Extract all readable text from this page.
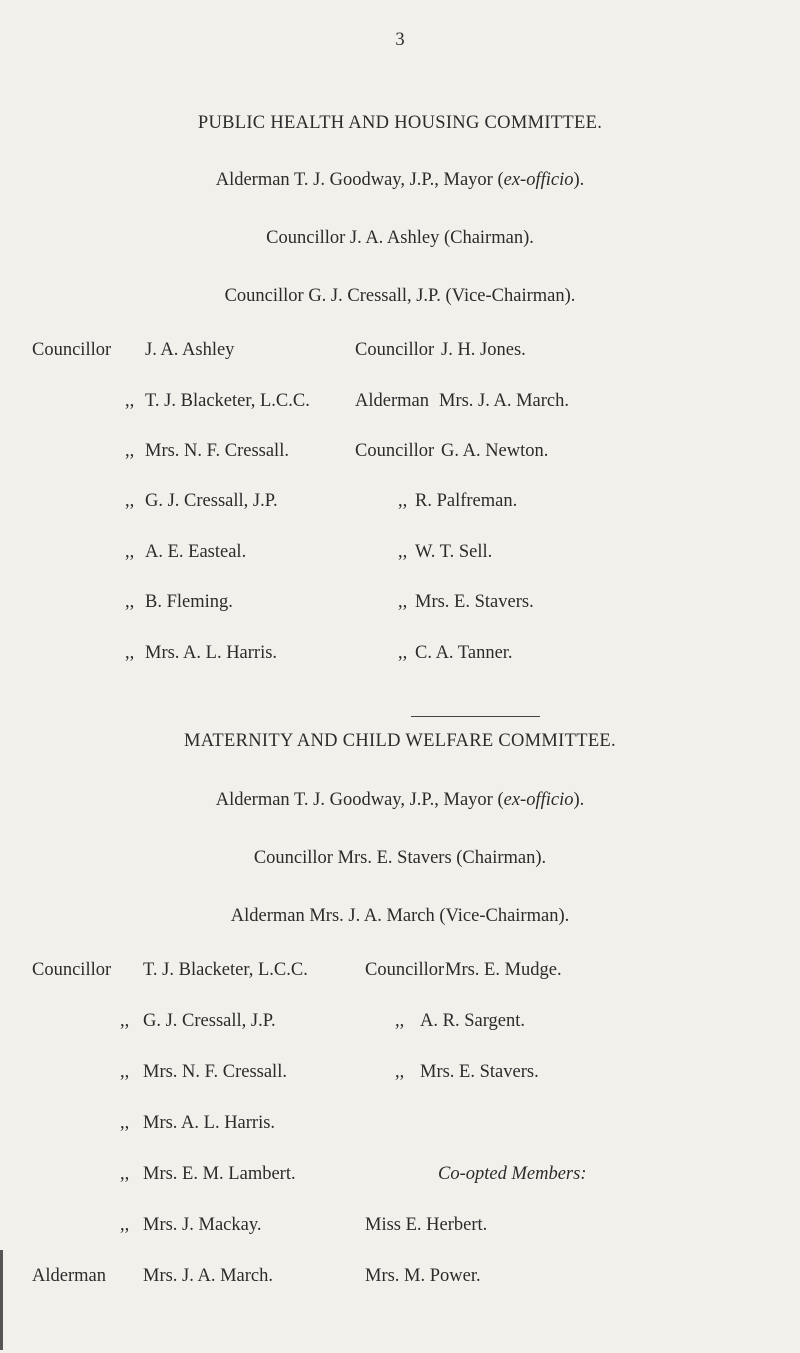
3
PUBLIC HEALTH AND HOUSING COMMITTEE.
Alderman T. J. Goodway, J.P., Mayor (ex-officio).
Councillor J. A. Ashley (Chairman).
Councillor G. J. Cressall, J.P. (Vice-Chairman).
Councillor J. A. Ashley
,, T. J. Blacketer, L.C.C.
,, Mrs. N. F. Cressall.
,, G. J. Cressall, J.P.
,, A. E. Easteal.
,, B. Fleming.
,, Mrs. A. L. Harris.
Councillor J. H. Jones.
Alderman Mrs. J. A. March.
Councillor G. A. Newton.
,, R. Palfreman.
,, W. T. Sell.
,, Mrs. E. Stavers.
,, C. A. Tanner.
MATERNITY AND CHILD WELFARE COMMITTEE.
Alderman T. J. Goodway, J.P., Mayor (ex-officio).
Councillor Mrs. E. Stavers (Chairman).
Alderman Mrs. J. A. March (Vice-Chairman).
Councillor T. J. Blacketer, L.C.C.
,, G. J. Cressall, J.P.
,, Mrs. N. F. Cressall.
,, Mrs. A. L. Harris.
,, Mrs. E. M. Lambert.
,, Mrs. J. Mackay.
Alderman Mrs. J. A. March.
Councillor Mrs. E. Mudge.
,, A. R. Sargent.
,, Mrs. E. Stavers.
Co-opted Members:
Miss E. Herbert.
Mrs. M. Power.
